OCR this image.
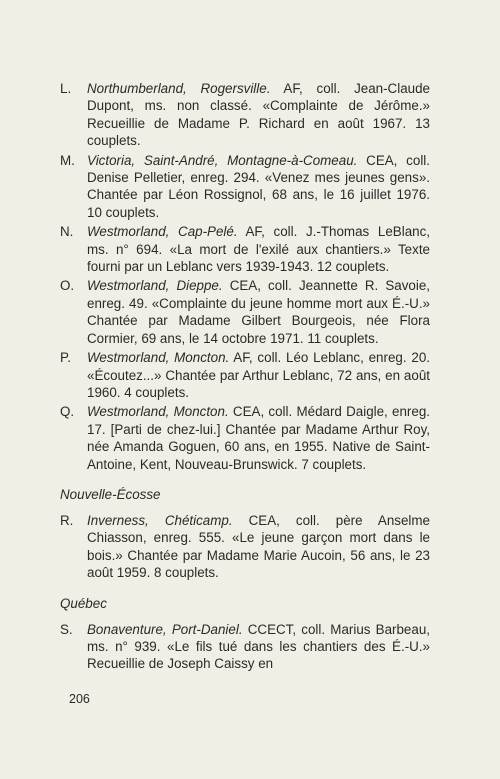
L.	Northumberland, Rogersville. AF, coll. Jean-Claude Dupont, ms. non classé. «Complainte de Jérôme.» Recueillie de Madame P. Richard en août 1967. 13 couplets.
M. Victoria, Saint-André, Montagne-à-Comeau. CEA, coll. Denise Pelletier, enreg. 294. «Venez mes jeunes gens». Chantée par Léon Rossignol, 68 ans, le 16 juillet 1976. 10 couplets.
N.	Westmorland, Cap-Pelé. AF, coll. J.-Thomas LeBlanc, ms. n° 694. «La mort de l'exilé aux chantiers.» Texte fourni par un Leblanc vers 1939-1943. 12 couplets.
O. Westmorland, Dieppe. CEA, coll. Jeannette R. Savoie, enreg. 49. «Complainte du jeune homme mort aux É.-U.» Chantée par Madame Gilbert Bourgeois, née Flora Cormier, 69 ans, le 14 octobre 1971. 11 couplets.
P.	Westmorland, Moncton. AF, coll. Léo Leblanc, enreg. 20. «Écoutez...» Chantée par Arthur Leblanc, 72 ans, en août 1960. 4 couplets.
Q. Westmorland, Moncton. CEA, coll. Médard Daigle, enreg. 17. [Parti de chez-lui.] Chantée par Madame Arthur Roy, née Amanda Goguen, 60 ans, en 1955. Native de Saint-Antoine, Kent, Nouveau-Brunswick. 7 couplets.
Nouvelle-Écosse
R.	Inverness, Chéticamp. CEA, coll. père Anselme Chiasson, enreg. 555. «Le jeune garçon mort dans le bois.» Chantée par Madame Marie Aucoin, 56 ans, le 23 août 1959. 8 couplets.
Québec
S.	Bonaventure, Port-Daniel. CCECT, coll. Marius Barbeau, ms. n° 939. «Le fils tué dans les chantiers des É.-U.» Recueillie de Joseph Caissy en
206
